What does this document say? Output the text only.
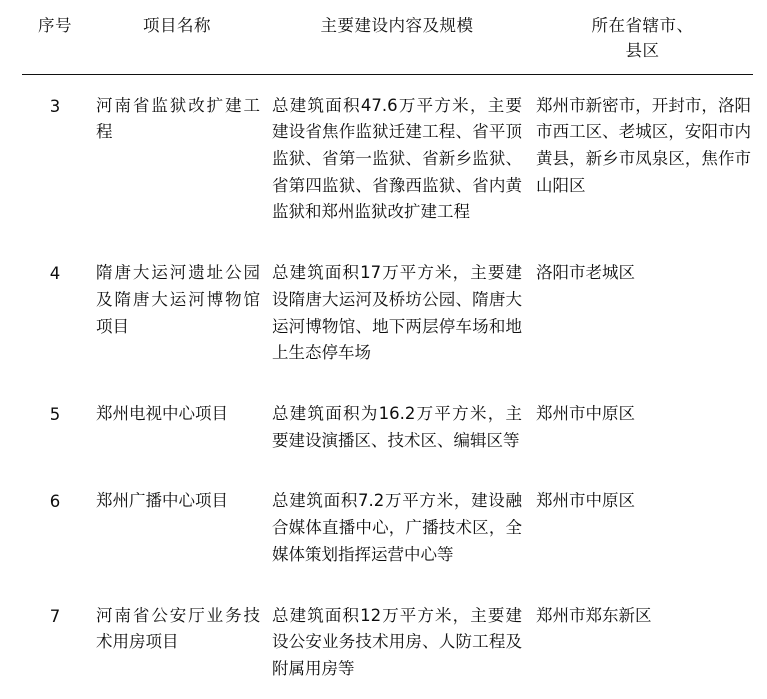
序号	项目名称	主要建设内容及规模	所在省辖市、
县区
3	河南省监狱改扩建工程	总建筑面积47.6万平方米，主要建设省焦作监狱迁建工程、省平顶监狱、省第一监狱、省新乡监狱、省第四监狱、省豫西监狱、省内黄监狱和郑州监狱改扩建工程	郑州市新密市，开封市，洛阳市西工区、老城区，安阳市内黄县，新乡市凤泉区，焦作市山阳区
4	隋唐大运河遗址公园及隋唐大运河博物馆项目	总建筑面积17万平方米，主要建设隋唐大运河及桥坊公园、隋唐大运河博物馆、地下两层停车场和地上生态停车场	洛阳市老城区
5	郑州电视中心项目	总建筑面积为16.2万平方米，主要建设演播区、技术区、编辑区等	郑州市中原区
6	郑州广播中心项目	总建筑面积7.2万平方米，建设融合媒体直播中心，广播技术区，全媒体策划指挥运营中心等	郑州市中原区
7	河南省公安厅业务技术用房项目	总建筑面积12万平方米，主要建设公安业务技术用房、人防工程及附属用房等	郑州市郑东新区
